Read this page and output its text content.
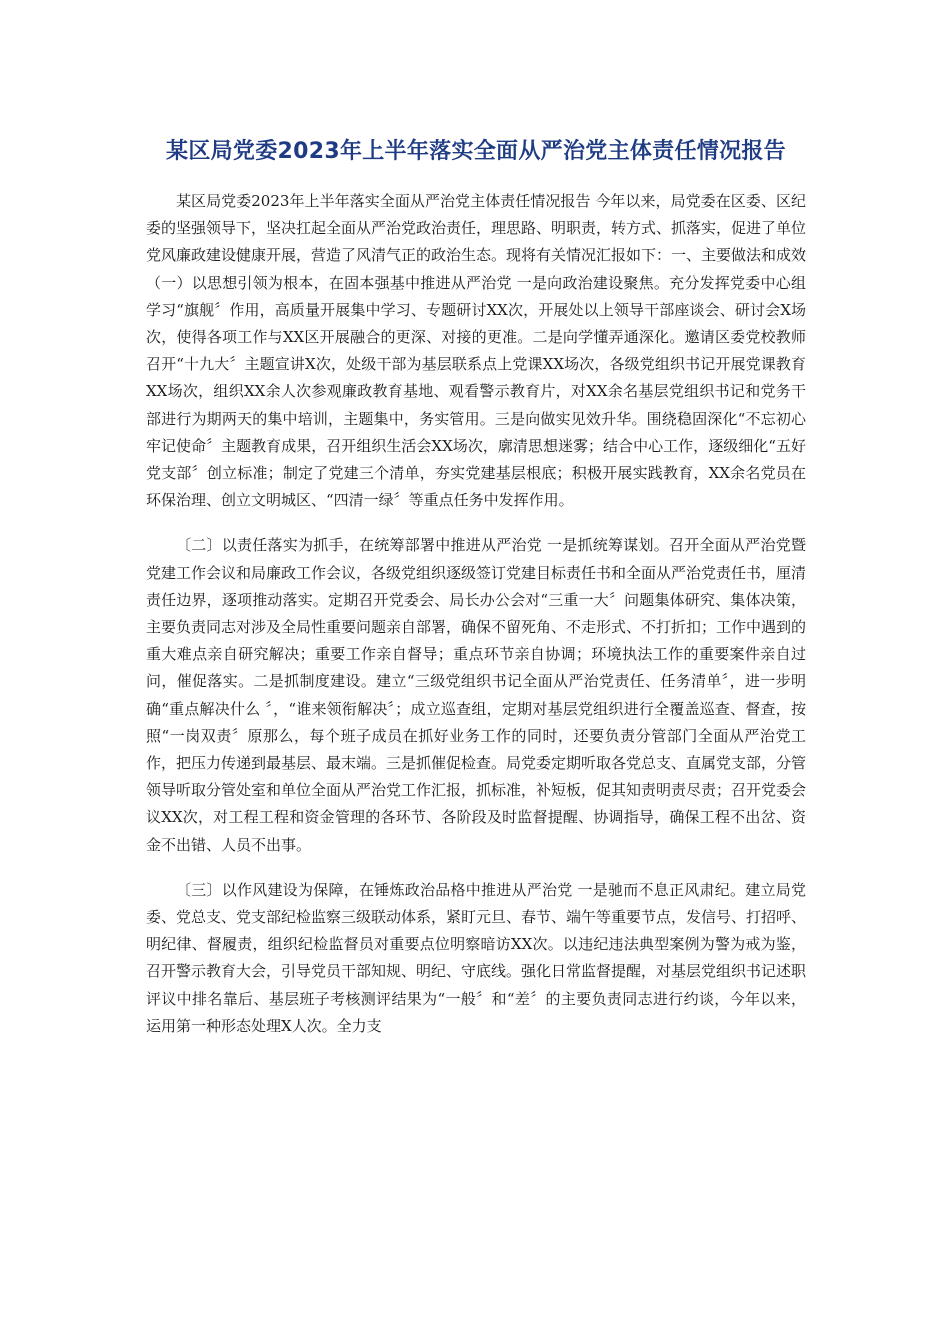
某区局党委2023年上半年落实全面从严治党主体责任情况报告

某区局党委2023年上半年落实全面从严治党主体责任情况报告 今年以来，局党委在区委、区纪委的坚强领导下，坚决扛起全面从严治党政治责任，理思路、明职责，转方式、抓落实，促进了单位党风廉政建设健康开展，营造了风清气正的政治生态。现将有关情况汇报如下：一、主要做法和成效（一）以思想引领为根本，在固本强基中推进从严治党 一是向政治建设聚焦。充分发挥党委中心组学习“旗舰〞作用，高质量开展集中学习、专题研讨XX次，开展处以上领导干部座谈会、研讨会X场次，使得各项工作与XX区开展融合的更深、对接的更准。二是向学懂弄通深化。邀请区委党校教师召开“十九大〞主题宣讲X次，处级干部为基层联系点上党课XX场次，各级党组织书记开展党课教育XX场次，组织XX余人次参观廉政教育基地、观看警示教育片，对XX余名基层党组织书记和党务干部进行为期两天的集中培训，主题集中，务实管用。三是向做实见效升华。围绕稳固深化“不忘初心牢记使命〞主题教育成果，召开组织生活会XX场次，廓清思想迷雾；结合中心工作，逐级细化“五好党支部〞创立标准；制定了党建三个清单，夯实党建基层根底；积极开展实践教育，XX余名党员在环保治理、创立文明城区、“四清一绿〞等重点任务中发挥作用。

〔二〕以责任落实为抓手，在统筹部署中推进从严治党 一是抓统筹谋划。召开全面从严治党暨党建工作会议和局廉政工作会议，各级党组织逐级签订党建目标责任书和全面从严治党责任书，厘清责任边界，逐项推动落实。定期召开党委会、局长办公会对“三重一大〞问题集体研究、集体决策，主要负责同志对涉及全局性重要问题亲自部署，确保不留死角、不走形式、不打折扣；工作中遇到的重大难点亲自研究解决；重要工作亲自督导；重点环节亲自协调；环境执法工作的重要案件亲自过问，催促落实。二是抓制度建设。建立“三级党组织书记全面从严治党责任、任务清单〞，进一步明确“重点解决什么 〞，“谁来领衔解决〞；成立巡查组，定期对基层党组织进行全覆盖巡查、督查，按照“一岗双责〞原那么，每个班子成员在抓好业务工作的同时，还要负责分管部门全面从严治党工作，把压力传递到最基层、最末端。三是抓催促检查。局党委定期听取各党总支、直属党支部，分管领导听取分管处室和单位全面从严治党工作汇报，抓标准，补短板，促其知责明责尽责；召开党委会议XX次，对工程工程和资金管理的各环节、各阶段及时监督提醒、协调指导，确保工程不出岔、资金不出错、人员不出事。

〔三〕以作风建设为保障，在锤炼政治品格中推进从严治党 一是驰而不息正风肃纪。建立局党委、党总支、党支部纪检监察三级联动体系，紧盯元旦、春节、端午等重要节点，发信号、打招呼、明纪律、督履责，组织纪检监督员对重要点位明察暗访XX次。以违纪违法典型案例为警为戒为鉴，召开警示教育大会，引导党员干部知规、明纪、守底线。强化日常监督提醒，对基层党组织书记述职评议中排名靠后、基层班子考核测评结果为“一般〞和“差〞的主要负责同志进行约谈，今年以来，运用第一种形态处理X人次。全力支
